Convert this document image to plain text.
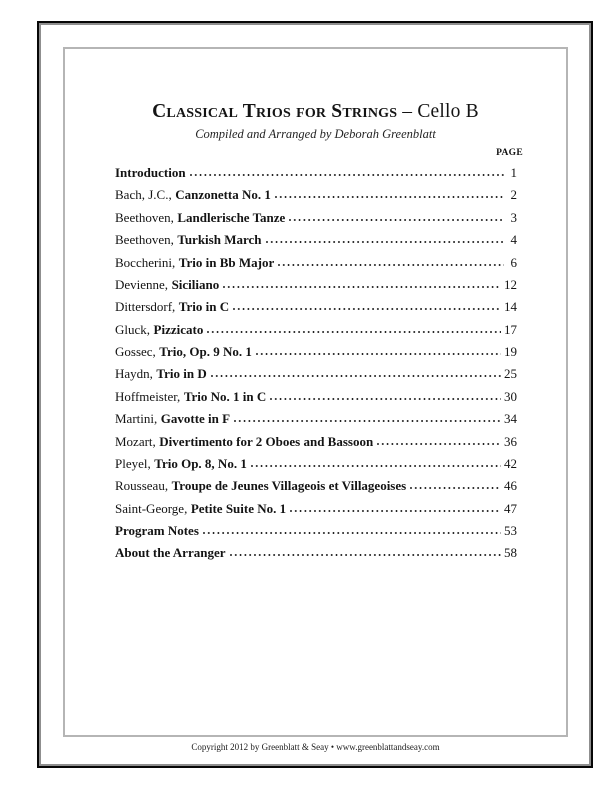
Classical Trios for Strings – Cello B
Compiled and Arranged by Deborah Greenblatt
PAGE
Introduction	1
Bach, J.C., Canzonetta No. 1	2
Beethoven, Landlerische Tanze	3
Beethoven, Turkish March	4
Boccherini, Trio in Bb Major	6
Devienne, Siciliano	12
Dittersdorf, Trio in C	14
Gluck, Pizzicato	17
Gossec, Trio, Op. 9 No. 1	19
Haydn, Trio in D	25
Hoffmeister, Trio No. 1 in C	30
Martini, Gavotte in F	34
Mozart, Divertimento for 2 Oboes and Bassoon	36
Pleyel, Trio Op. 8, No. 1	42
Rousseau, Troupe de Jeunes Villageois et Villageoises	46
Saint-George, Petite Suite No. 1	47
Program Notes	53
About the Arranger	58
Copyright 2012 by Greenblatt & Seay • www.greenblattandseay.com
